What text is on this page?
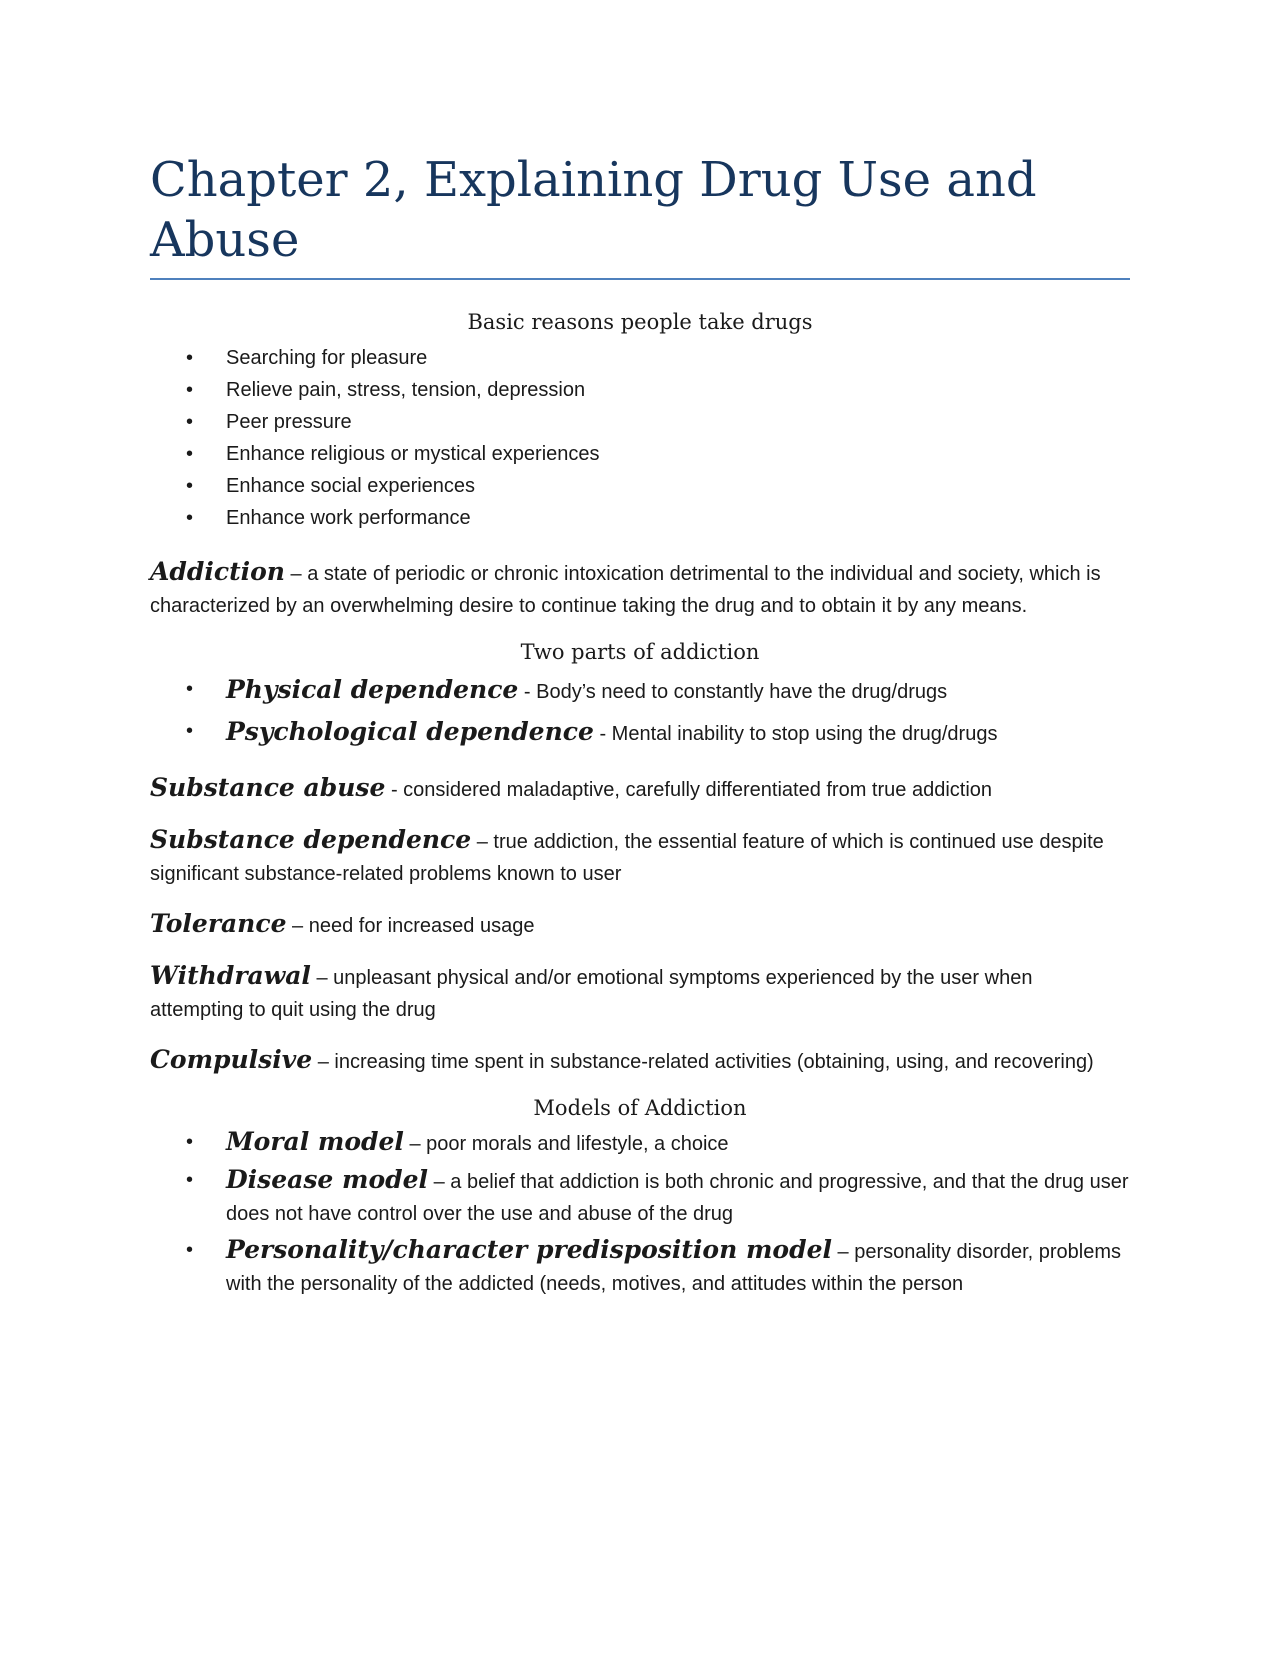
Chapter 2, Explaining Drug Use and Abuse
Basic reasons people take drugs
• Searching for pleasure
• Relieve pain, stress, tension, depression
• Peer pressure
• Enhance religious or mystical experiences
• Enhance social experiences
• Enhance work performance

Addiction – a state of periodic or chronic intoxication detrimental to the individual and society, which is characterized by an overwhelming desire to continue taking the drug and to obtain it by any means.

Two parts of addiction
• Physical dependence - Body’s need to constantly have the drug/drugs
• Psychological dependence - Mental inability to stop using the drug/drugs

Substance abuse - considered maladaptive, carefully differentiated from true addiction

Substance dependence – true addiction, the essential feature of which is continued use despite significant substance-related problems known to user

Tolerance – need for increased usage

Withdrawal – unpleasant physical and/or emotional symptoms experienced by the user when attempting to quit using the drug

Compulsive – increasing time spent in substance-related activities (obtaining, using, and recovering)

Models of Addiction
• Moral model – poor morals and lifestyle, a choice
• Disease model – a belief that addiction is both chronic and progressive, and that the drug user does not have control over the use and abuse of the drug
• Personality/character predisposition model – personality disorder, problems with the personality of the addicted (needs, motives, and attitudes within the person
